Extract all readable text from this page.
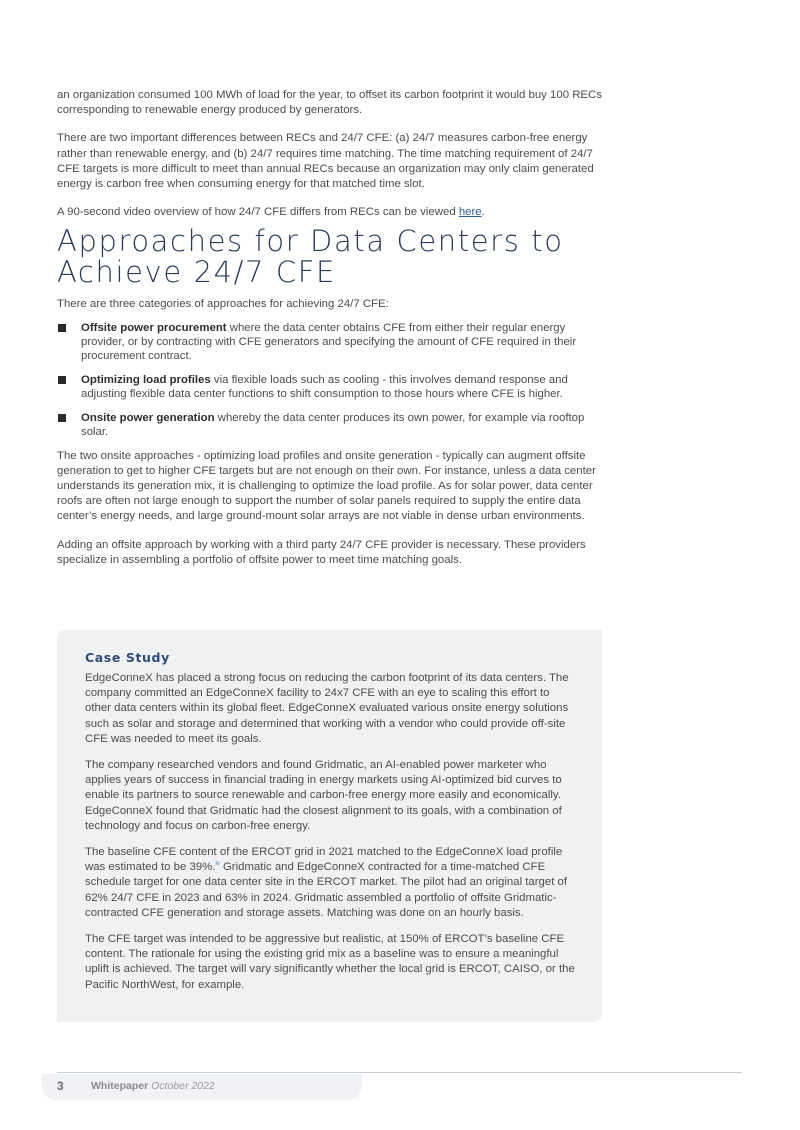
an organization consumed 100 MWh of load for the year, to offset its carbon footprint it would buy 100 RECs corresponding to renewable energy produced by generators.

There are two important differences between RECs and 24/7 CFE: (a) 24/7 measures carbon-free energy rather than renewable energy, and (b) 24/7 requires time matching. The time matching requirement of 24/7 CFE targets is more difficult to meet than annual RECs because an organization may only claim generated energy is carbon free when consuming energy for that matched time slot.

A 90-second video overview of how 24/7 CFE differs from RECs can be viewed here.

Approaches for Data Centers to Achieve 24/7 CFE

There are three categories of approaches for achieving 24/7 CFE:

Offsite power procurement where the data center obtains CFE from either their regular energy provider, or by contracting with CFE generators and specifying the amount of CFE required in their procurement contract.
Optimizing load profiles via flexible loads such as cooling - this involves demand response and adjusting flexible data center functions to shift consumption to those hours where CFE is higher.
Onsite power generation whereby the data center produces its own power, for example via rooftop solar.

The two onsite approaches - optimizing load profiles and onsite generation - typically can augment offsite generation to get to higher CFE targets but are not enough on their own. For instance, unless a data center understands its generation mix, it is challenging to optimize the load profile. As for solar power, data center roofs are often not large enough to support the number of solar panels required to supply the entire data center’s energy needs, and large ground-mount solar arrays are not viable in dense urban environments.

Adding an offsite approach by working with a third party 24/7 CFE provider is necessary. These providers specialize in assembling a portfolio of offsite power to meet time matching goals.

Case Study

EdgeConneX has placed a strong focus on reducing the carbon footprint of its data centers. The company committed an EdgeConneX facility to 24x7 CFE with an eye to scaling this effort to other data centers within its global fleet. EdgeConneX evaluated various onsite energy solutions such as solar and storage and determined that working with a vendor who could provide off-site CFE was needed to meet its goals.

The company researched vendors and found Gridmatic, an AI-enabled power marketer who applies years of success in financial trading in energy markets using AI-optimized bid curves to enable its partners to source renewable and carbon-free energy more easily and economically. EdgeConneX found that Gridmatic had the closest alignment to its goals, with a combination of technology and focus on carbon-free energy.

The baseline CFE content of the ERCOT grid in 2021 matched to the EdgeConneX load profile was estimated to be 39%.$^{iv}$ Gridmatic and EdgeConneX contracted for a time-matched CFE schedule target for one data center site in the ERCOT market. The pilot had an original target of 62% 24/7 CFE in 2023 and 63% in 2024. Gridmatic assembled a portfolio of offsite Gridmatic-contracted CFE generation and storage assets. Matching was done on an hourly basis.

The CFE target was intended to be aggressive but realistic, at 150% of ERCOT’s baseline CFE content. The rationale for using the existing grid mix as a baseline was to ensure a meaningful uplift is achieved. The target will vary significantly whether the local grid is ERCOT, CAISO, or the Pacific NorthWest, for example.

3	Whitepaper October 2022
